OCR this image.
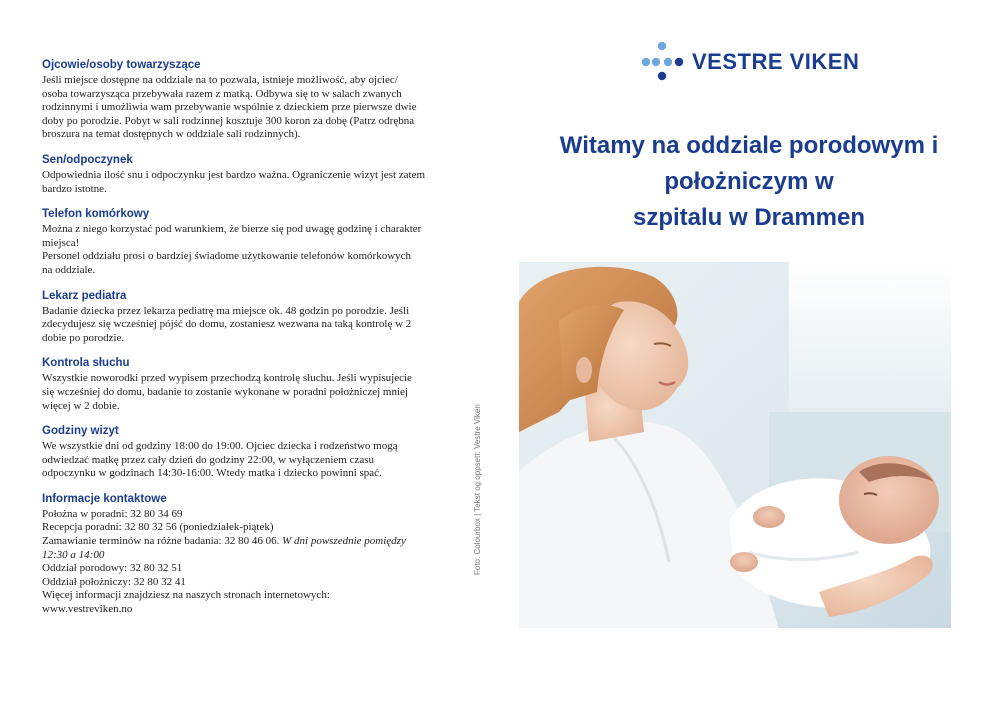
Ojcowie/osoby towarzyszące

Jeśli miejsce dostępne na oddziale na to pozwala, istnieje możliwość, aby ojciec/
osoba towarzysząca przebywała razem z matką. Odbywa się to w salach zwanych
rodzinnymi i umożliwia wam przebywanie wspólnie z dzieckiem prze pierwsze dwie
doby po porodzie. Pobyt w sali rodzinnej kosztuje 300 koron za dobę (Patrz odrębna
broszura na temat dostępnych w oddziale sali rodzinnych).

Sen/odpoczynek

Odpowiednia ilość snu i odpoczynku jest bardzo ważna. Ograniczenie wizyt jest zatem
bardzo istotne.

Telefon komórkowy

Można z niego korzystać pod warunkiem, że bierze się pod uwagę godzinę i charakter
miejsca!
Personel oddziału prosi o bardziej świadome użytkowanie telefonów komórkowych
na oddziale.

Lekarz pediatra

Badanie dziecka przez lekarza pediatrę ma miejsce ok. 48 godzin po porodzie. Jeśli
zdecydujesz się wcześniej pójść do domu, zostaniesz wezwana na taką kontrolę w 2
dobie po porodzie.

Kontrola słuchu

Wszystkie noworodki przed wypisem przechodzą kontrolę słuchu. Jeśli wypisujecie
się wcześniej do domu, badanie to zostanie wykonane w poradni położniczej mniej
więcej w 2 dobie.

Godziny wizyt

We wszystkie dni od godziny 18:00 do 19:00. Ojciec dziecka i rodzeństwo mogą
odwiedzać matkę przez cały dzień do godziny 22:00, w wyłączeniem czasu
odpoczynku w godzinach 14:30-16:00. Wtedy matka i dziecko powinni spać.

Informacje kontaktowe

Położna w poradni: 32 80 34 69
Recepcja poradni: 32 80 32 56 (poniedziałek-piątek)
Zamawianie terminów na różne badania: 32 80 46 06. W dni powszednie pomiędzy
12:30 a 14:00
Oddział porodowy: 32 80 32 51
Oddział położniczy: 32 80 32 41
Więcej informacji znajdziesz na naszych stronach internetowych:
www.vestreviken.no

Foto: Colourbox | Tekst og oppsett: Vestre Viken
VESTRE VIKEN
Witamy na oddziale porodowym i
położniczym w
szpitalu w Drammen
